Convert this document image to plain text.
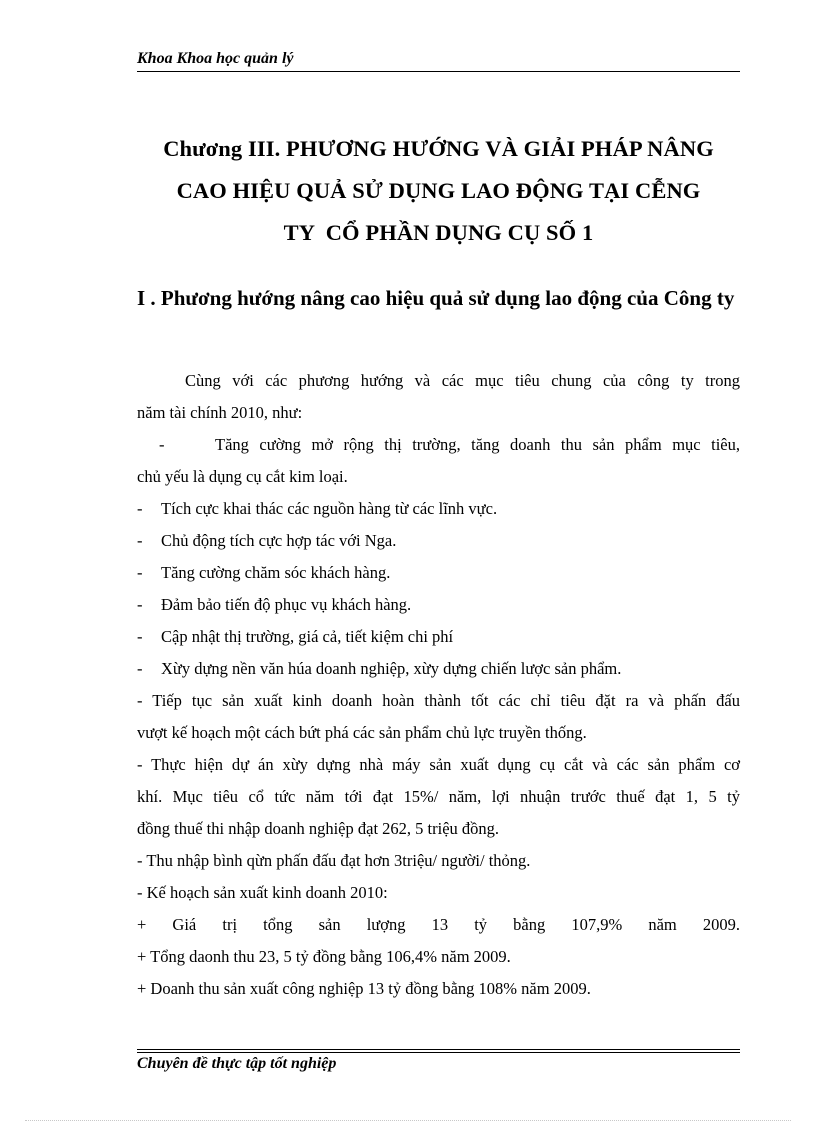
Khoa Khoa học quản lý
Chương III. PHƯƠNG HƯỚNG VÀ GIẢI PHÁP NÂNG
CAO HIỆU QUẢ SỬ DỤNG LAO ĐỘNG TẠI CỄNG
TY  CỔ PHẦN DỤNG CỤ SỐ 1
I . Phương hướng nâng cao hiệu quả sử dụng lao động của Công ty
Cùng với các phương hướng và các mục tiêu chung của công ty trong
năm tài chính 2010, như:
-	Tăng cường mở rộng thị trường, tăng doanh thu sản phẩm mục tiêu,
chủ yếu là dụng cụ cắt kim loại.
- Tích cực khai thác các nguồn hàng từ các lĩnh vực.
- Chủ động tích cực hợp tác với Nga.
- Tăng cường chăm sóc khách hàng.
- Đảm bảo tiến độ phục vụ khách hàng.
- Cập nhật thị trường, giá cả, tiết kiệm chi phí
- Xừy dựng nền văn húa doanh nghiệp, xừy dựng chiến lược sản phẩm.
- Tiếp tục sản xuất kinh doanh hoàn thành tốt các chỉ tiêu đặt ra và phấn đấu
vượt kế hoạch một cách bứt phá các sản phẩm chủ lực truyền thống.
- Thực hiện dự án xừy dựng nhà máy sản xuất dụng cụ cắt và các sản phẩm cơ
khí. Mục tiêu cổ tức năm tới đạt 15%/ năm, lợi nhuận trước thuế đạt 1, 5 tỷ
đồng thuế thi nhập doanh nghiệp đạt 262, 5 triệu đồng.
- Thu nhập bình qừn phấn đấu đạt hơn 3triệu/ người/ thỏng.
- Kế hoạch sản xuất kinh doanh 2010:
+ Giá trị tổng sản lượng 13 tỷ bằng 107,9% năm 2009.
+ Tổng daonh thu 23, 5 tỷ đồng bằng 106,4% năm 2009.
+ Doanh thu sản xuất công nghiệp 13 tỷ đồng bằng 108% năm 2009.
Chuyên đề thực tập tốt nghiệp
